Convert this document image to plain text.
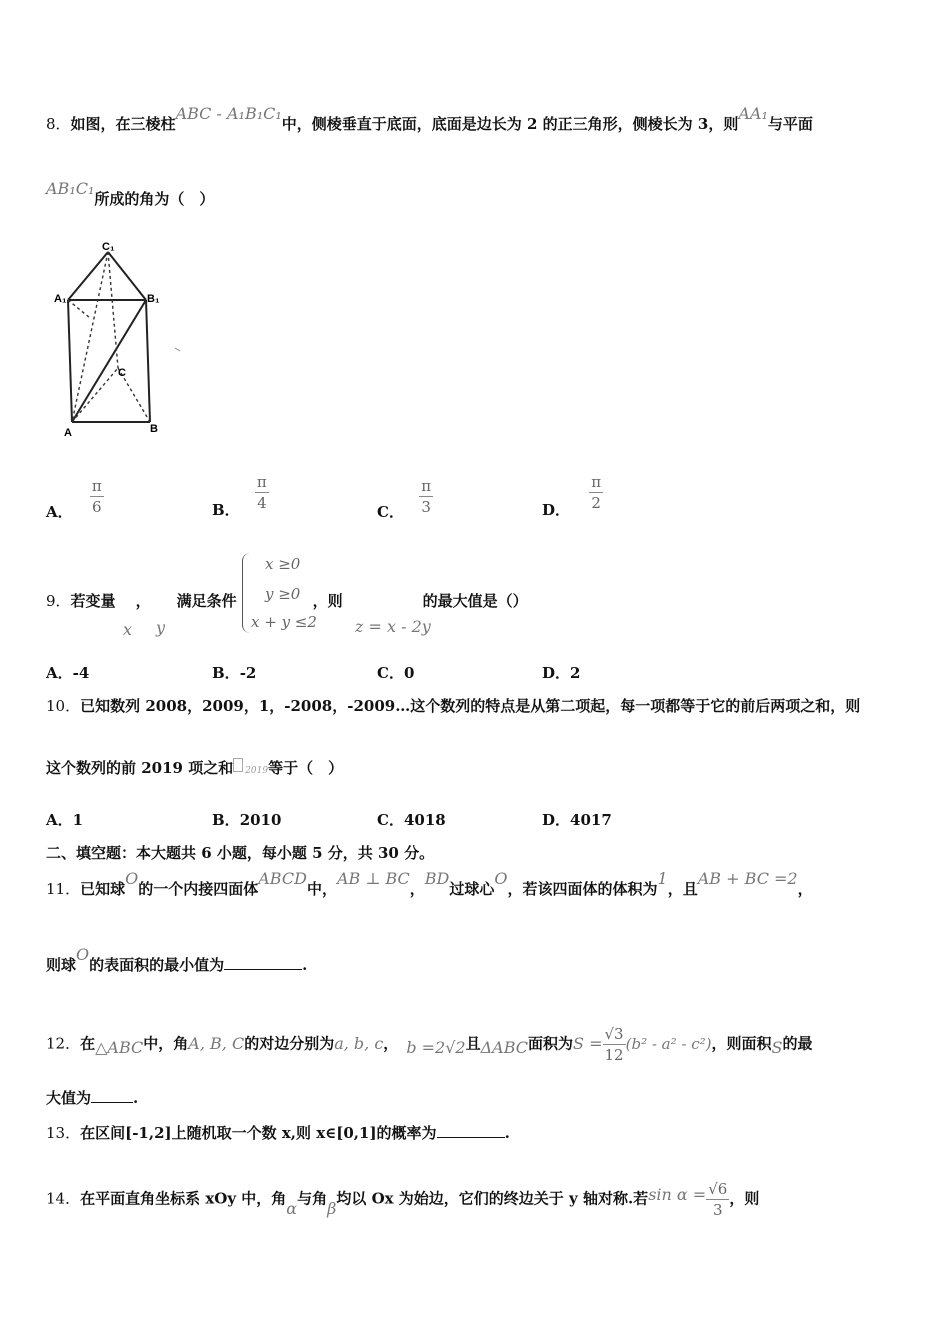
8．如图，在三棱柱ABC - A₁B₁C₁中，侧棱垂直于底面，底面是边长为 2 的正三角形，侧棱长为 3，则AA₁与平面
AB₁C₁所成的角为（　）
C₁
A₁	B₁
C
A	B
A． $\frac{\pi}{6}$	B． $\frac{\pi}{4}$
C． $\frac{\pi}{3}$	D． $\frac{\pi}{2}$
9．若变量 ， 满足条件	，则	的最大值是（）
x y
x ≥0
y ≥0
x + y ≤2 z = x - 2y
A．-4	B．-2	C．0	D．2
10．已知数列 2008，2009，1，-2008，-2009…这个数列的特点是从第二项起，每一项都等于它的前后两项之和，则
这个数列的前 2019 项之和 2019等于（　）
A．1	B．2010	C．4018	D．4017
二、填空题：本大题共 6 小题，每小题 5 分，共 30 分。
11．已知球O的一个内接四面体ABCD中，AB ⊥ BC，BD过球心O，若该四面体的体积为1，且AB + BC =2，
则球O的表面积的最小值为	.
12．在△ABC中，角A, B, C的对边分别为a, b, c， b =2√2且ΔABC面积为$S = \frac{√3}{12} (b^2 - a^2 - c^2)$，则面积S的最
大值为	.
13．在区间[-1,2]上随机取一个数 x,则 x∈[0,1]的概率为	.
14．在平面直角坐标系 xOy 中，角α与角β均以 Ox 为始边，它们的终边关于 y 轴对称.若$\sin \alpha = \frac{√6}{3}$ ，则
